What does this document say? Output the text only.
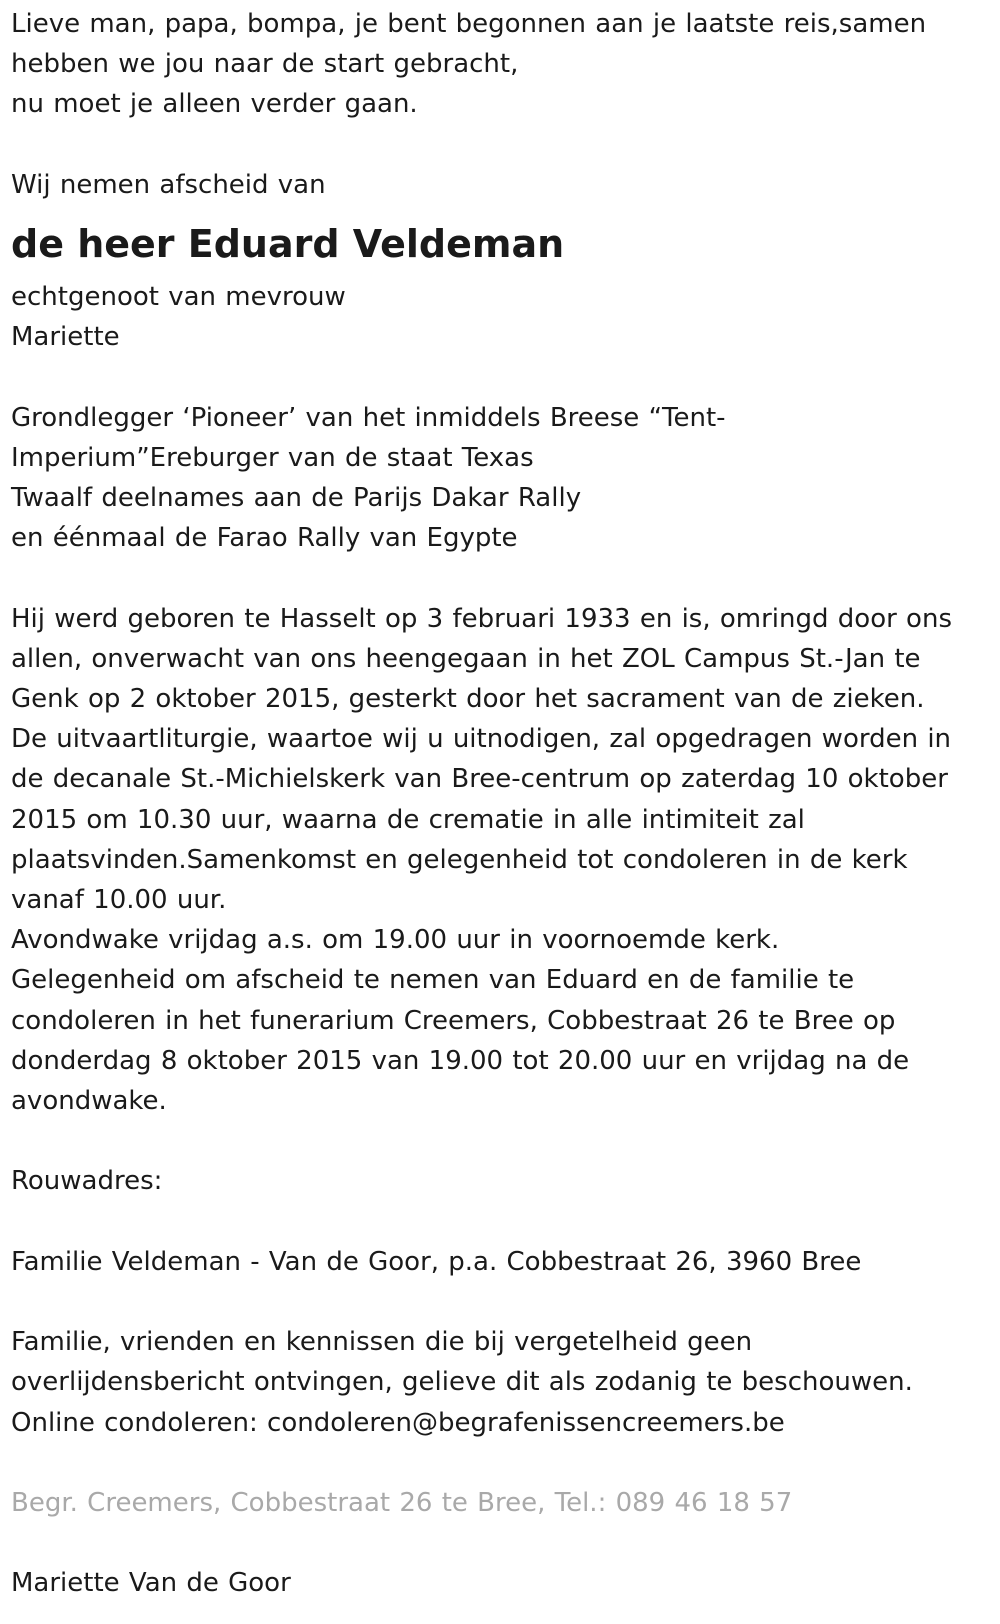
Lieve man, papa, bompa, je bent begonnen aan je laatste reis,samen
hebben we jou naar de start gebracht,
nu moet je alleen verder gaan.
Wij nemen afscheid van
de heer Eduard Veldeman
echtgenoot van mevrouw
Mariette
Grondlegger ‘Pioneer’ van het inmiddels Breese “Tent-
Imperium”Ereburger van de staat Texas
Twaalf deelnames aan de Parijs Dakar Rally
en éénmaal de Farao Rally van Egypte
Hij werd geboren te Hasselt op 3 februari 1933 en is, omringd door ons
allen, onverwacht van ons heengegaan in het ZOL Campus St.-Jan te
Genk op 2 oktober 2015, gesterkt door het sacrament van de zieken.
De uitvaartliturgie, waartoe wij u uitnodigen, zal opgedragen worden in
de decanale St.-Michielskerk van Bree-centrum op zaterdag 10 oktober
2015 om 10.30 uur, waarna de crematie in alle intimiteit zal
plaatsvinden.Samenkomst en gelegenheid tot condoleren in de kerk
vanaf 10.00 uur.
Avondwake vrijdag a.s. om 19.00 uur in voornoemde kerk.
Gelegenheid om afscheid te nemen van Eduard en de familie te
condoleren in het funerarium Creemers, Cobbestraat 26 te Bree op
donderdag 8 oktober 2015 van 19.00 tot 20.00 uur en vrijdag na de
avondwake.
Rouwadres:
Familie Veldeman - Van de Goor, p.a. Cobbestraat 26, 3960 Bree
Familie, vrienden en kennissen die bij vergetelheid geen
overlijdensbericht ontvingen, gelieve dit als zodanig te beschouwen.
Online condoleren: condoleren@begrafenissencreemers.be
Begr. Creemers, Cobbestraat 26 te Bree, Tel.: 089 46 18 57
Mariette Van de Goor
